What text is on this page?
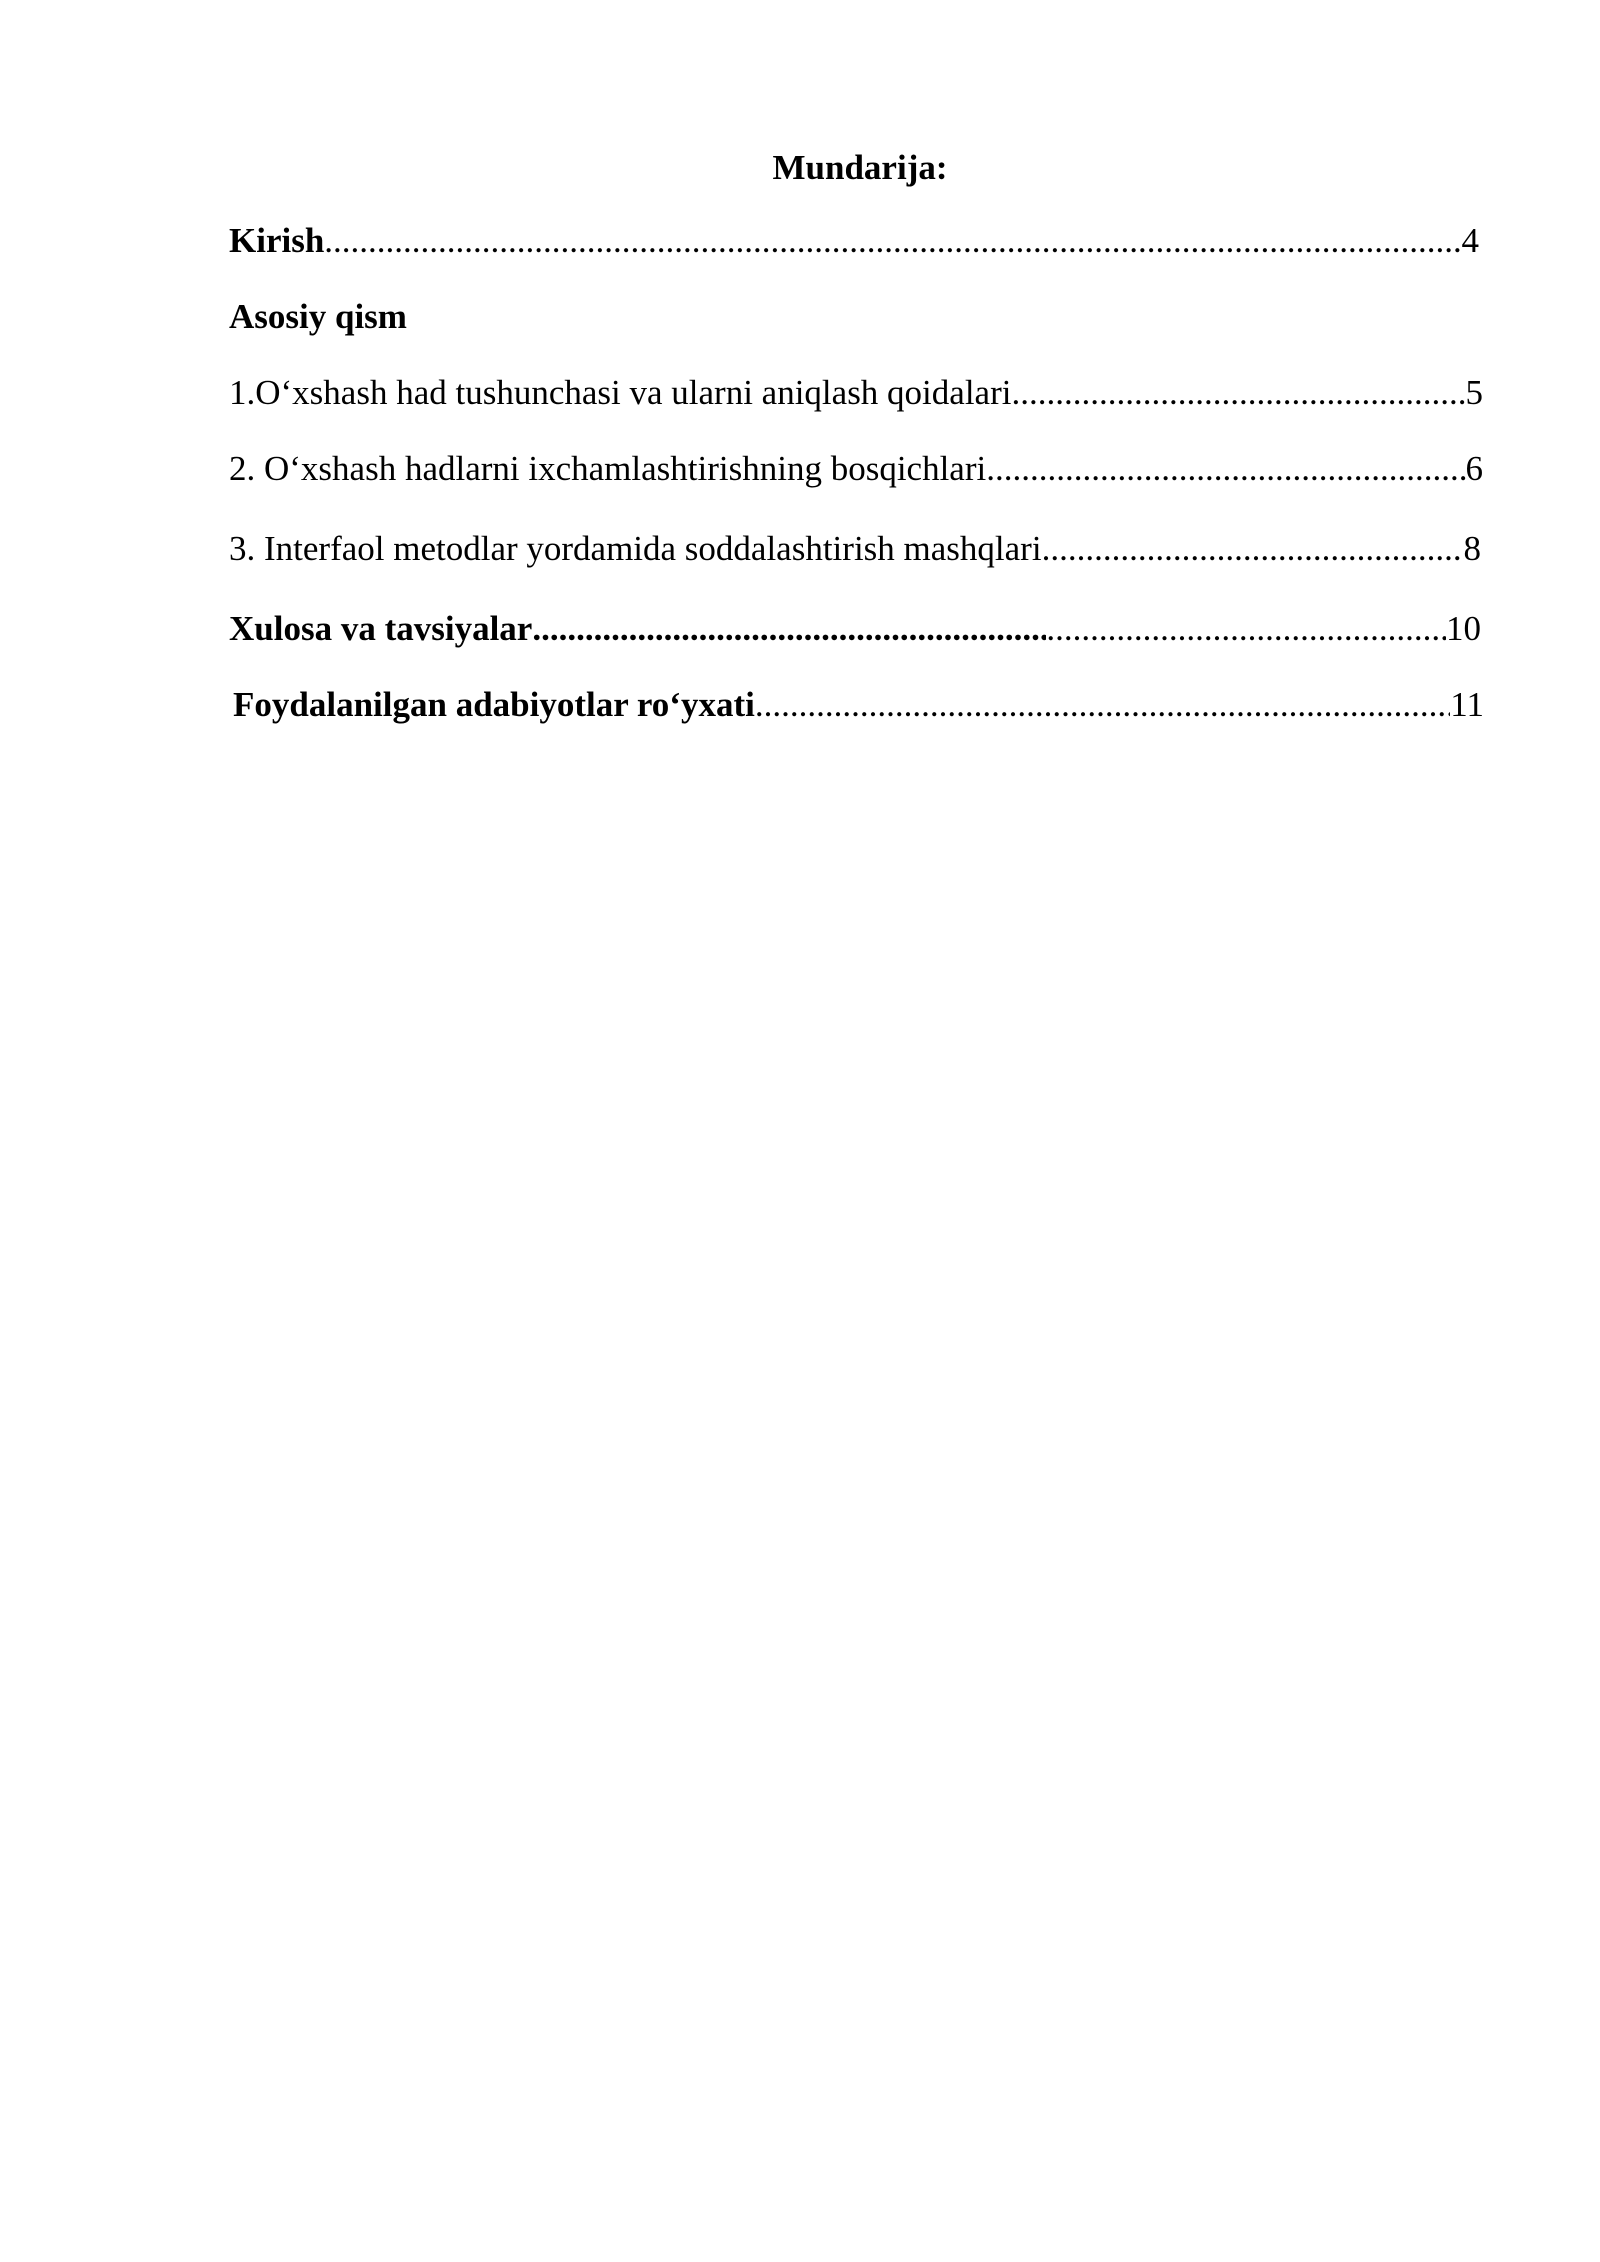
Mundarija:
Kirish .....	4
Asosiy qism
1.O‘xshash had tushunchasi va ularni aniqlash qoidalari .....	5
2. O‘xshash hadlarni ixchamlashtirishning bosqichlari .....	6
3. Interfaol metodlar yordamida soddalashtirish mashqlari .....	8
Xulosa va tavsiyalar ..... .....	10
Foydalanilgan adabiyotlar ro‘yxati .....	11
